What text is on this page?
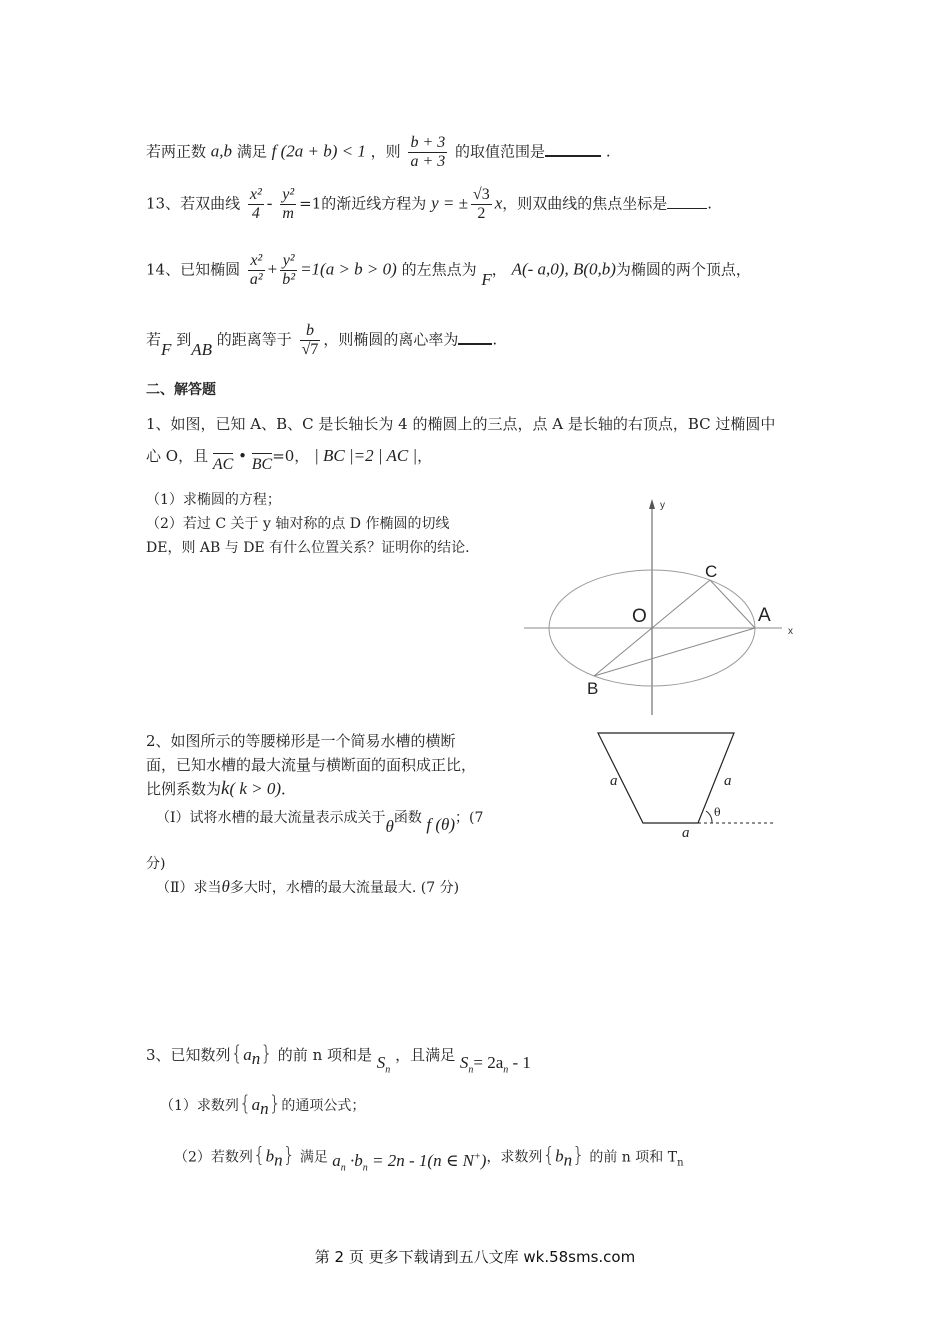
若两正数 a,b 满足 f (2a + b) < 1 ，则 $\frac{b + 3}{a + 3}$ 的取值范围是	.
13、若双曲线 $\frac{\text{x²}}{4} - \frac{\text{y²}}{m} =1$的渐近线方程为 y = ± $\frac{√3}{2}$ x，则双曲线的焦点坐标是	.
14、已知椭圆 $\frac{\text{x²}}{\text{a²}} + \frac{\text{y²}}{\text{b²}} =1(a > b > 0)$ 的左焦点为 F， A(- a,0), B(0,b)为椭圆的两个顶点，
若F 到AB 的距离等于 $\frac{b}{√7}$ ，则椭圆的离心率为 .
二、解答题
1、如图，已知 A、B、C 是长轴长为 4 的椭圆上的三点，点 A 是长轴的右顶点，BC 过椭圆中
心 O，且 AC • BC=0， | BC |=2 | AC |，
（1）求椭圆的方程；
（2）若过 C 关于 y 轴对称的点 D 作椭圆的切线
DE，则 AB 与 DE 有什么位置关系？证明你的结论.
y
x
O	A
C
B
2、如图所示的等腰梯形是一个简易水槽的横断
面，已知水槽的最大流量与横断面的面积成正比，
比例系数为k( k > 0)．
（Ⅰ）试将水槽的最大流量表示成关于θ函数 f (θ)；(7
分)
（Ⅱ）求当θ多大时，水槽的最大流量最大. (7 分)
a	a
a
θ
3、已知数列$\{a_n\}$ 的前 n 项和是 $S_n$ ，且满足 $S_n= 2a_n - 1$
（1）求数列$\{a_n\}$的通项公式；
（2）若数列$\{b_n\}$ 满足 $a_n \cdot b_n = 2n - 1(n$ ∈ N+)，求数列$\{b_n\}$ 的前 n 项和 $T_n$
第 2 页 更多下载请到五八文库 wk.58sms.com
